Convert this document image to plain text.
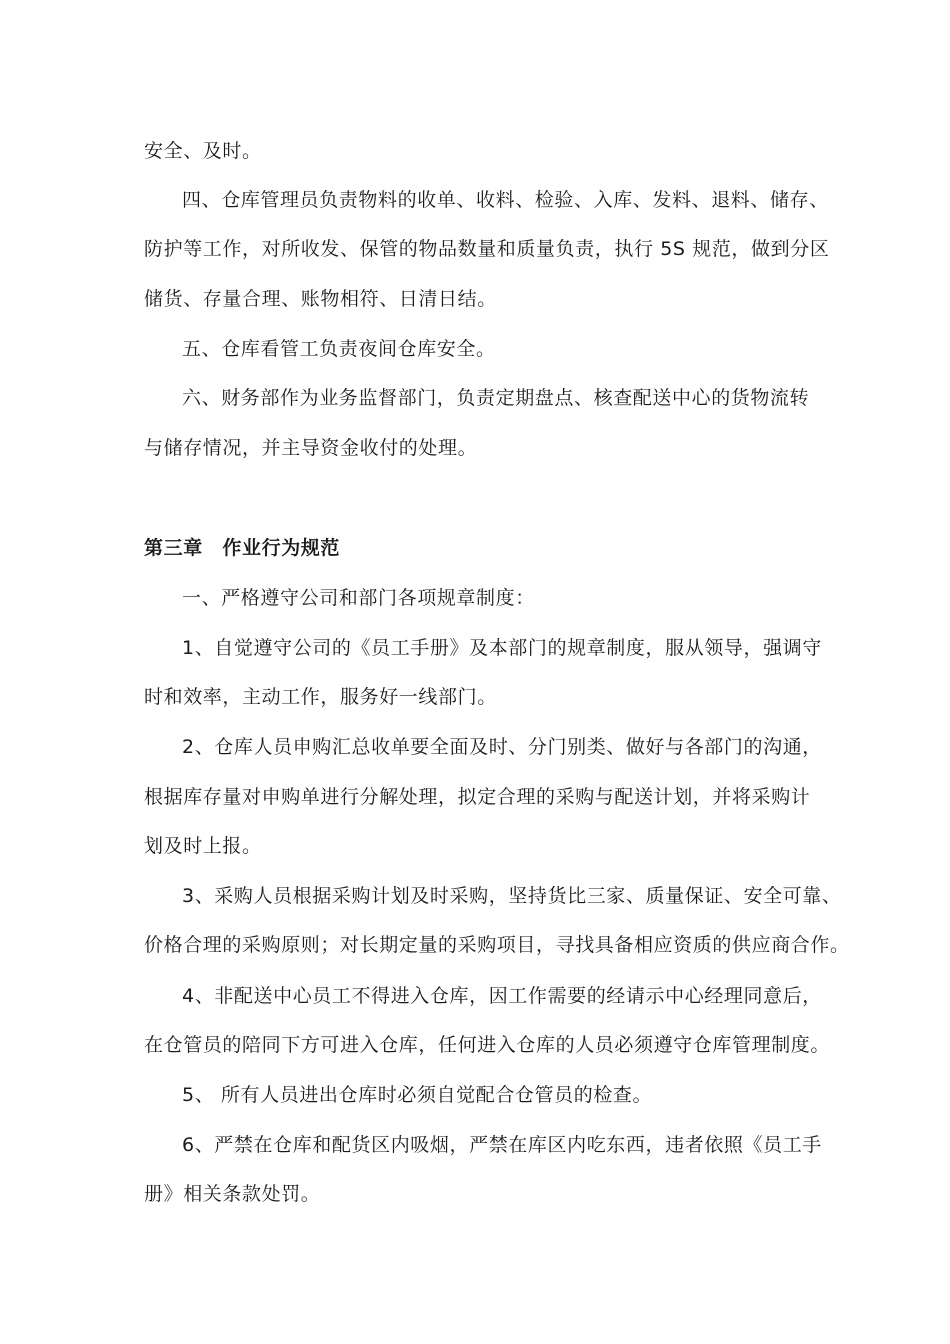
安全、及时。
四、仓库管理员负责物料的收单、收料、检验、入库、发料、退料、储存、
防护等工作，对所收发、保管的物品数量和质量负责，执行 5S 规范，做到分区
储货、存量合理、账物相符、日清日结。
五、仓库看管工负责夜间仓库安全。
六、财务部作为业务监督部门，负责定期盘点、核查配送中心的货物流转
与储存情况，并主导资金收付的处理。
第三章　作业行为规范
一、严格遵守公司和部门各项规章制度：
1、自觉遵守公司的《员工手册》及本部门的规章制度，服从领导，强调守
时和效率，主动工作，服务好一线部门。
2、仓库人员申购汇总收单要全面及时、分门别类、做好与各部门的沟通，
根据库存量对申购单进行分解处理，拟定合理的采购与配送计划，并将采购计
划及时上报。
3、采购人员根据采购计划及时采购，坚持货比三家、质量保证、安全可靠、
价格合理的采购原则；对长期定量的采购项目，寻找具备相应资质的供应商合作。
4、非配送中心员工不得进入仓库，因工作需要的经请示中心经理同意后，
在仓管员的陪同下方可进入仓库，任何进入仓库的人员必须遵守仓库管理制度。
5、 所有人员进出仓库时必须自觉配合仓管员的检查。
6、严禁在仓库和配货区内吸烟，严禁在库区内吃东西，违者依照《员工手
册》相关条款处罚。
